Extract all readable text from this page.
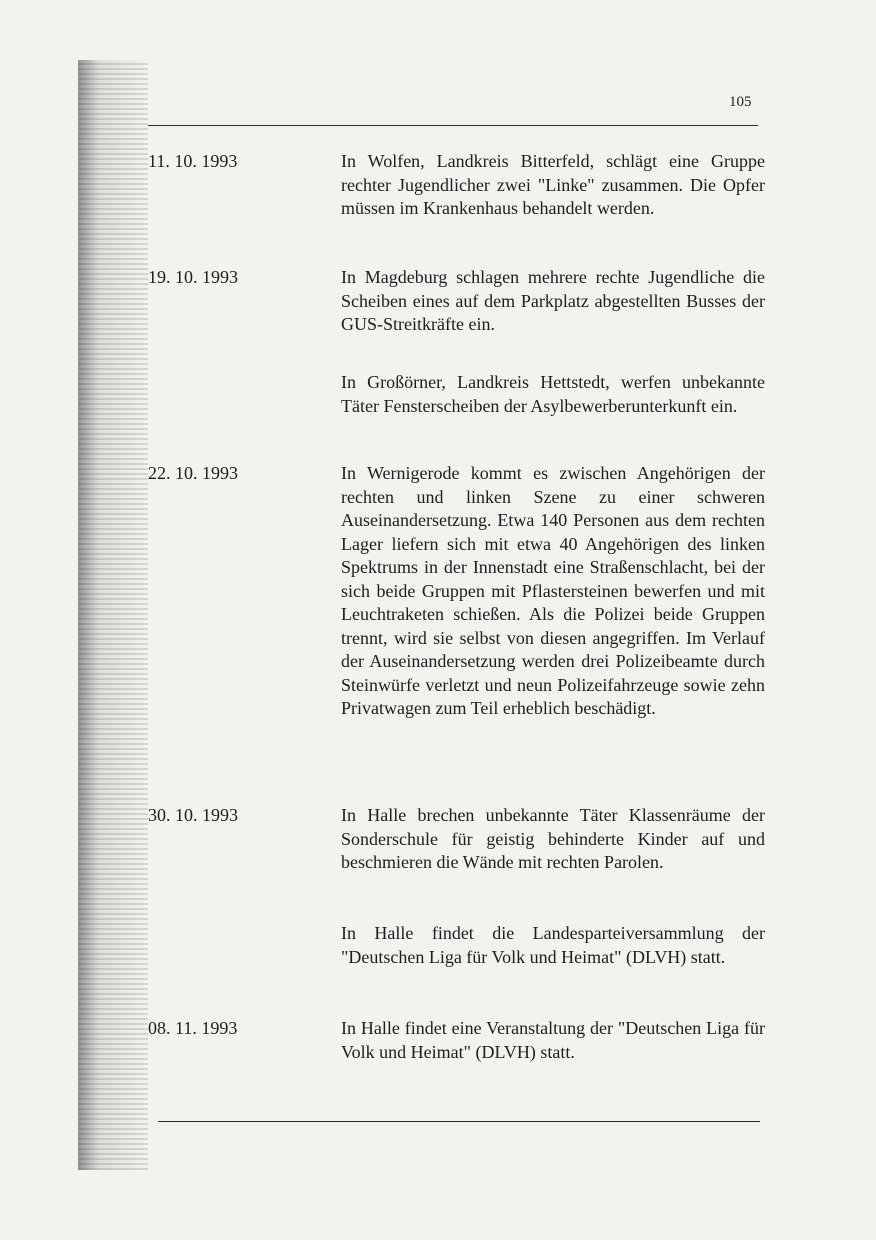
105
11. 10. 1993	In Wolfen, Landkreis Bitterfeld, schlägt eine Gruppe rechter Jugendlicher zwei "Linke" zusammen. Die Opfer müssen im Krankenhaus behandelt werden.
19. 10. 1993	In Magdeburg schlagen mehrere rechte Jugendliche die Scheiben eines auf dem Parkplatz abgestellten Busses der GUS-Streitkräfte ein.
In Großörner, Landkreis Hettstedt, werfen unbekannte Täter Fensterscheiben der Asylbewerberunterkunft ein.
22. 10. 1993	In Wernigerode kommt es zwischen Angehörigen der rechten und linken Szene zu einer schweren Auseinandersetzung. Etwa 140 Personen aus dem rechten Lager liefern sich mit etwa 40 Angehörigen des linken Spektrums in der Innenstadt eine Straßenschlacht, bei der sich beide Gruppen mit Pflastersteinen bewerfen und mit Leuchtraketen schießen. Als die Polizei beide Gruppen trennt, wird sie selbst von diesen angegriffen. Im Verlauf der Auseinandersetzung werden drei Polizeibeamte durch Steinwürfe verletzt und neun Polizeifahrzeuge sowie zehn Privatwagen zum Teil erheblich beschädigt.
30. 10. 1993	In Halle brechen unbekannte Täter Klassenräume der Sonderschule für geistig behinderte Kinder auf und beschmieren die Wände mit rechten Parolen.
In Halle findet die Landesparteiversammlung der "Deutschen Liga für Volk und Heimat" (DLVH) statt.
08. 11. 1993	In Halle findet eine Veranstaltung der "Deutschen Liga für Volk und Heimat" (DLVH) statt.
